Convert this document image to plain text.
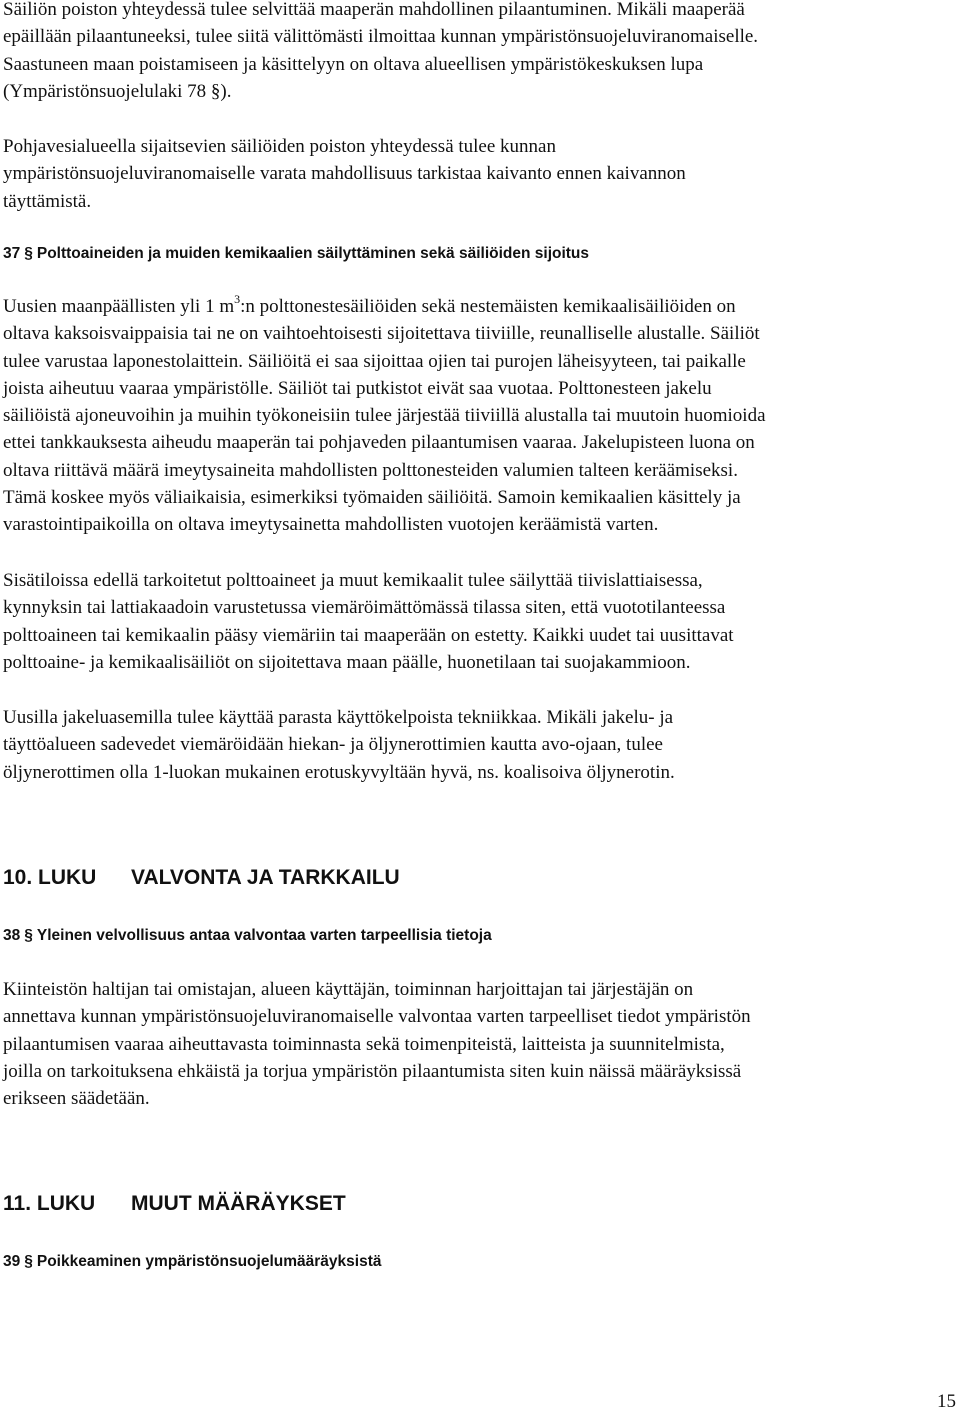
Säiliön poiston yhteydessä tulee selvittää maaperän mahdollinen pilaantuminen. Mikäli maaperää
epäillään pilaantuneeksi, tulee siitä välittömästi ilmoittaa kunnan ympäristönsuojeluviranomaiselle.
Saastuneen maan poistamiseen ja käsittelyyn on oltava alueellisen ympäristökeskuksen lupa
(Ympäristönsuojelulaki 78 §).
Pohjavesialueella sijaitsevien säiliöiden poiston yhteydessä tulee kunnan
ympäristönsuojeluviranomaiselle varata mahdollisuus tarkistaa kaivanto ennen kaivannon
täyttämistä.
37 § Polttoaineiden ja muiden kemikaalien säilyttäminen sekä säiliöiden sijoitus
Uusien maanpäällisten yli 1 $m^3:n$ polttonestesäiliöiden sekä nestemäisten kemikaalisäiliöiden on
oltava kaksoisvaippaisia tai ne on vaihtoehtoisesti sijoitettava tiiviille, reunalliselle alustalle. Säiliöt
tulee varustaa laponestolaittein. Säiliöitä ei saa sijoittaa ojien tai purojen läheisyyteen, tai paikalle
joista aiheutuu vaaraa ympäristölle. Säiliöt tai putkistot eivät saa vuotaa. Polttonesteen jakelu
säiliöistä ajoneuvoihin ja muihin työkoneisiin tulee järjestää tiiviillä alustalla tai muutoin huomioida
ettei tankkauksesta aiheudu maaperän tai pohjaveden pilaantumisen vaaraa. Jakelupisteen luona on
oltava riittävä määrä imeytysaineita mahdollisten polttonesteiden valumien talteen keräämiseksi.
Tämä koskee myös väliaikaisia, esimerkiksi työmaiden säiliöitä. Samoin kemikaalien käsittely ja
varastointipaikoilla on oltava imeytysainetta mahdollisten vuotojen keräämistä varten.
Sisätiloissa edellä tarkoitetut polttoaineet ja muut kemikaalit tulee säilyttää tiivislattiaisessa,
kynnyksin tai lattiakaadoin varustetussa viemäröimättömässä tilassa siten, että vuototilanteessa
polttoaineen tai kemikaalin pääsy viemäriin tai maaperään on estetty. Kaikki uudet tai uusittavat
polttoaine- ja kemikaalisäiliöt on sijoitettava maan päälle, huonetilaan tai suojakammioon.
Uusilla jakeluasemilla tulee käyttää parasta käyttökelpoista tekniikkaa. Mikäli jakelu- ja
täyttöalueen sadevedet viemäröidään hiekan- ja öljynerottimien kautta avo-ojaan, tulee
öljynerottimen olla 1-luokan mukainen erotuskyvyltään hyvä, ns. koalisoiva öljynerotin.
10. LUKU VALVONTA JA TARKKAILU
38 § Yleinen velvollisuus antaa valvontaa varten tarpeellisia tietoja
Kiinteistön haltijan tai omistajan, alueen käyttäjän, toiminnan harjoittajan tai järjestäjän on
annettava kunnan ympäristönsuojeluviranomaiselle valvontaa varten tarpeelliset tiedot ympäristön
pilaantumisen vaaraa aiheuttavasta toiminnasta sekä toimenpiteistä, laitteista ja suunnitelmista,
joilla on tarkoituksena ehkäistä ja torjua ympäristön pilaantumista siten kuin näissä määräyksissä
erikseen säädetään.
11. LUKU MUUT MÄÄRÄYKSET
39 § Poikkeaminen ympäristönsuojelumääräyksistä
15
